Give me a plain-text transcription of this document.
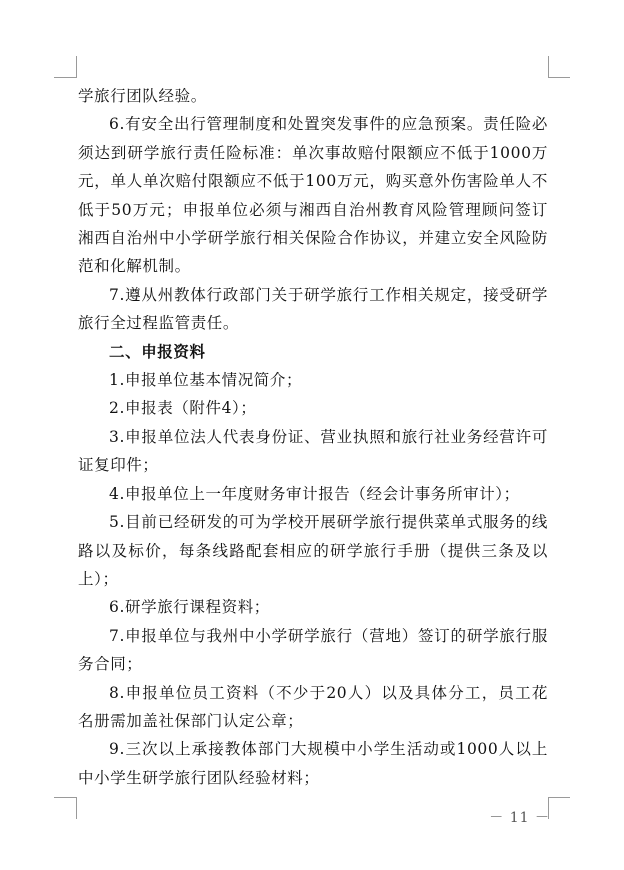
学旅行团队经验。

6.有安全出行管理制度和处置突发事件的应急预案。责任险必须达到研学旅行责任险标准：单次事故赔付限额应不低于1000万元，单人单次赔付限额应不低于100万元，购买意外伤害险单人不低于50万元；申报单位必须与湘西自治州教育风险管理顾问签订湘西自治州中小学研学旅行相关保险合作协议，并建立安全风险防范和化解机制。

7.遵从州教体行政部门关于研学旅行工作相关规定，接受研学旅行全过程监管责任。

二、申报资料

1.申报单位基本情况简介；

2.申报表（附件4）；

3.申报单位法人代表身份证、营业执照和旅行社业务经营许可证复印件；

4.申报单位上一年度财务审计报告（经会计事务所审计）；

5.目前已经研发的可为学校开展研学旅行提供菜单式服务的线路以及标价，每条线路配套相应的研学旅行手册（提供三条及以上）；

6.研学旅行课程资料；

7.申报单位与我州中小学研学旅行（营地）签订的研学旅行服务合同；

8.申报单位员工资料（不少于20人）以及具体分工，员工花名册需加盖社保部门认定公章；

9.三次以上承接教体部门大规模中小学生活动或1000人以上中小学生研学旅行团队经验材料；

－ 11 －
